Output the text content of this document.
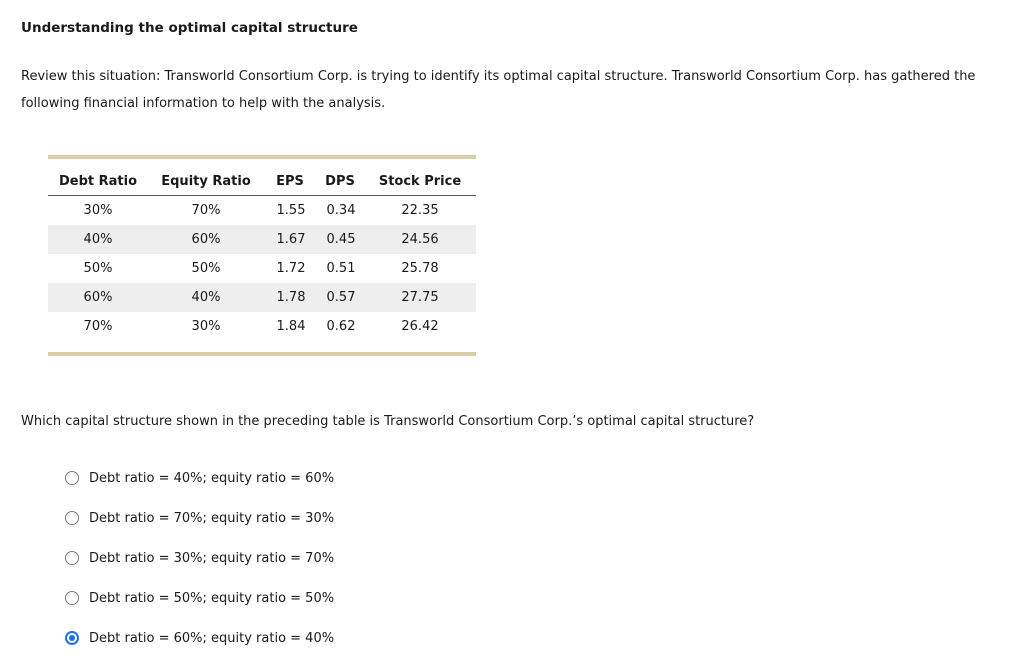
Understanding the optimal capital structure
Review this situation: Transworld Consortium Corp. is trying to identify its optimal capital structure. Transworld Consortium Corp. has gathered the following financial information to help with the analysis.
Debt Ratio	Equity Ratio	EPS	DPS	Stock Price
30%	70%	1.55	0.34	22.35
40%	60%	1.67	0.45	24.56
50%	50%	1.72	0.51	25.78
60%	40%	1.78	0.57	27.75
70%	30%	1.84	0.62	26.42
Which capital structure shown in the preceding table is Transworld Consortium Corp.’s optimal capital structure?
Debt ratio = 40%; equity ratio = 60%
Debt ratio = 70%; equity ratio = 30%
Debt ratio = 30%; equity ratio = 70%
Debt ratio = 50%; equity ratio = 50%
Debt ratio = 60%; equity ratio = 40%
